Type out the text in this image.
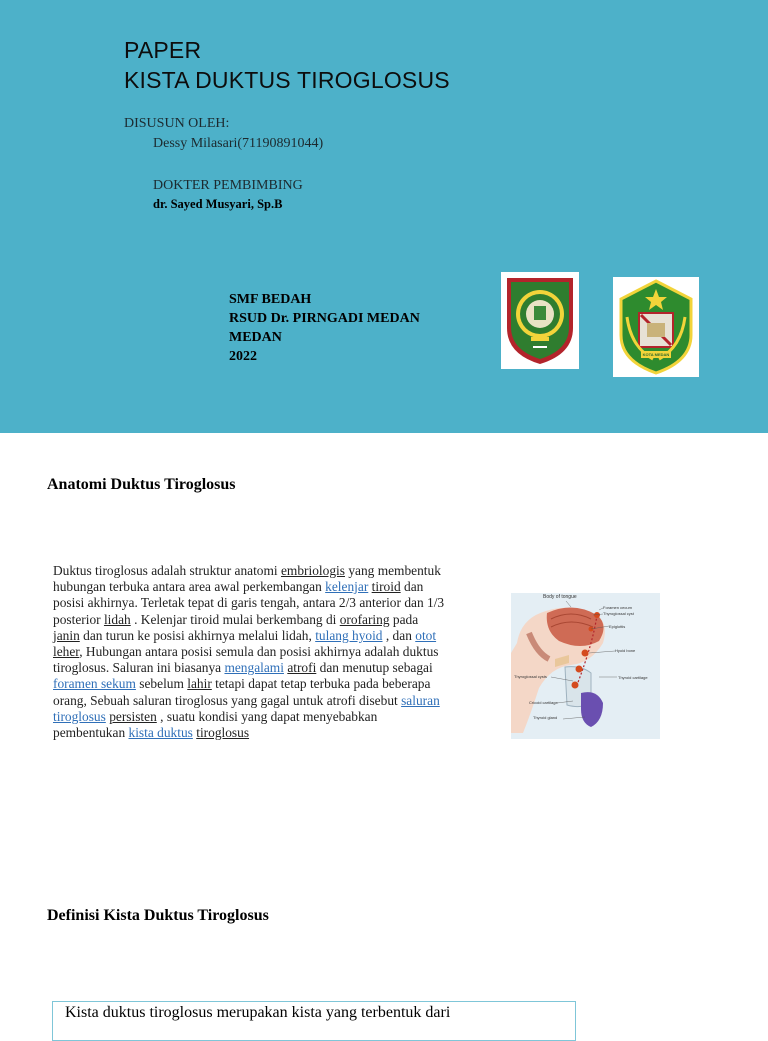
PAPER
KISTA DUKTUS TIROGLOSUS
DISUSUN OLEH:
Dessy Milasari(71190891044)
DOKTER PEMBIMBING
dr. Sayed Musyari, Sp.B
SMF BEDAH
RSUD Dr. PIRNGADI MEDAN
MEDAN
2022	KOTA MEDAN
Anatomi Duktus Tiroglosus
Duktus tiroglosus adalah struktur anatomi embriologis yang membentuk hubungan terbuka antara area awal perkembangan kelenjar tiroid dan posisi akhirnya. Terletak tepat di garis tengah, antara 2/3 anterior dan 1/3 posterior lidah . Kelenjar tiroid mulai berkembang di orofaring pada janin dan turun ke posisi akhirnya melalui lidah, tulang hyoid , dan otot leher, Hubungan antara posisi semula dan posisi akhirnya adalah duktus tiroglosus. Saluran ini biasanya mengalami atrofi dan menutup sebagai foramen sekum sebelum lahir tetapi dapat tetap terbuka pada beberapa orang, Sebuah saluran tiroglosus yang gagal untuk atrofi disebut saluran tiroglosus persisten , suatu kondisi yang dapat menyebabkan pembentukan kista duktus tiroglosus
Body of tongue
Foramen cecum
Thyroglossal cyst
Epiglottis
Hyoid bone
Thyroid cartilage
Thyroglossal cysts
Cricoid cartilage
Thyroid gland
Definisi Kista Duktus Tiroglosus
Kista duktus tiroglosus merupakan kista yang terbentuk dari
